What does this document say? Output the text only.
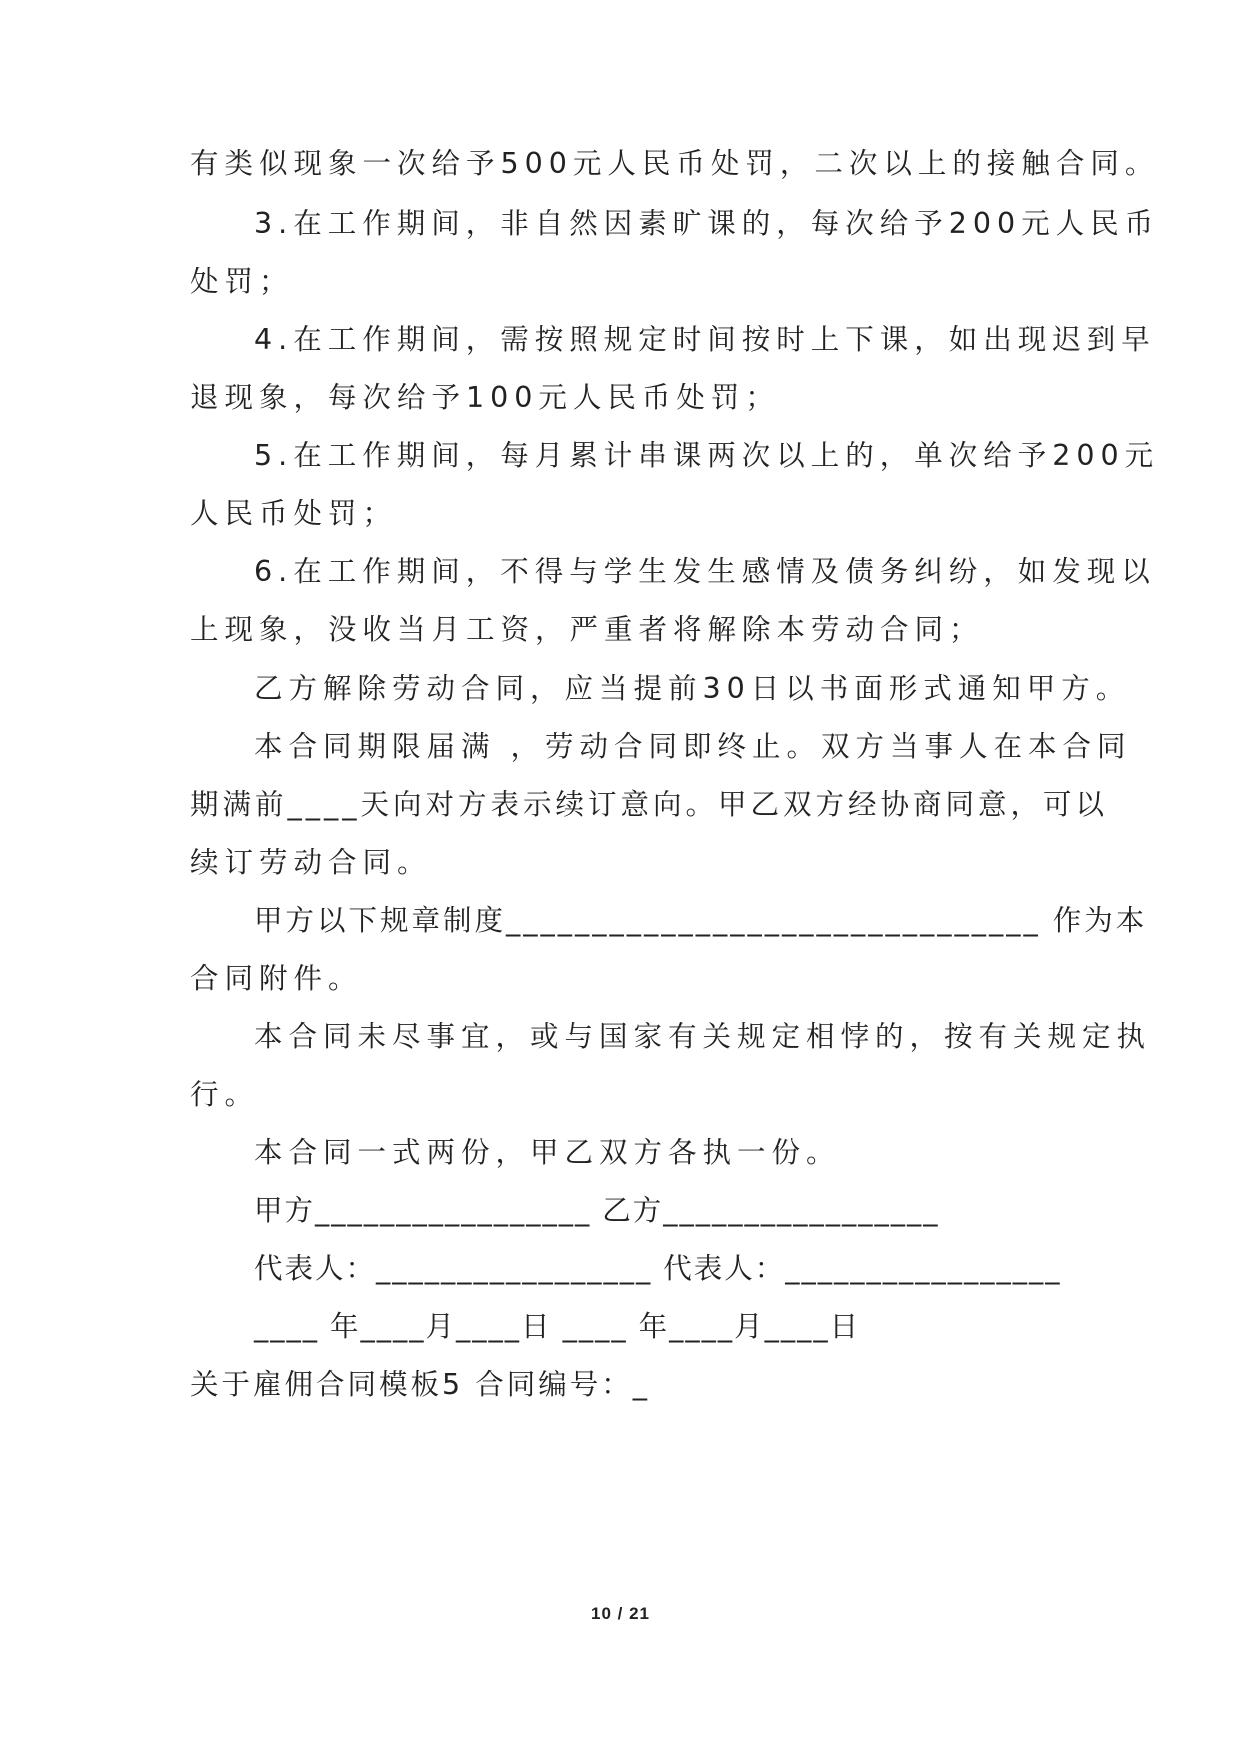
有类似现象一次给予500元人民币处罚，二次以上的接触合同。
3.在工作期间，非自然因素旷课的，每次给予200元人民币
处罚；
4.在工作期间，需按照规定时间按时上下课，如出现迟到早
退现象，每次给予100元人民币处罚；
5.在工作期间，每月累计串课两次以上的，单次给予200元
人民币处罚；
6.在工作期间，不得与学生发生感情及债务纠纷，如发现以
上现象，没收当月工资，严重者将解除本劳动合同；
乙方解除劳动合同，应当提前30日以书面形式通知甲方。
本合同期限届满 ，劳动合同即终止。双方当事人在本合同
期满前____天向对方表示续订意向。甲乙双方经协商同意，可以
续订劳动合同。
甲方以下规章制度_______________________________ 作为本
合同附件。
本合同未尽事宜，或与国家有关规定相悖的，按有关规定执
行。
本合同一式两份，甲乙双方各执一份。
甲方_________________ 乙方_________________
代表人：_________________ 代表人：_________________
____ 年____月____日 ____ 年____月____日
关于雇佣合同模板5 合同编号：_
10 / 21
